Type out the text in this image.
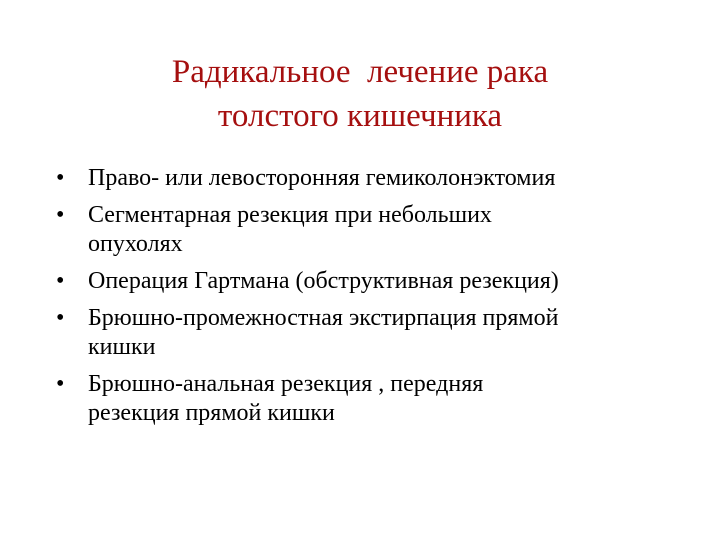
Радикальное  лечение рака
толстого кишечника
• Право- или левосторонняя гемиколонэктомия
• Сегментарная резекция при небольших
опухолях
• Операция Гартмана (обструктивная резекция)
• Брюшно-промежностная экстирпация прямой
кишки
• Брюшно-анальная резекция , передняя
резекция прямой кишки
